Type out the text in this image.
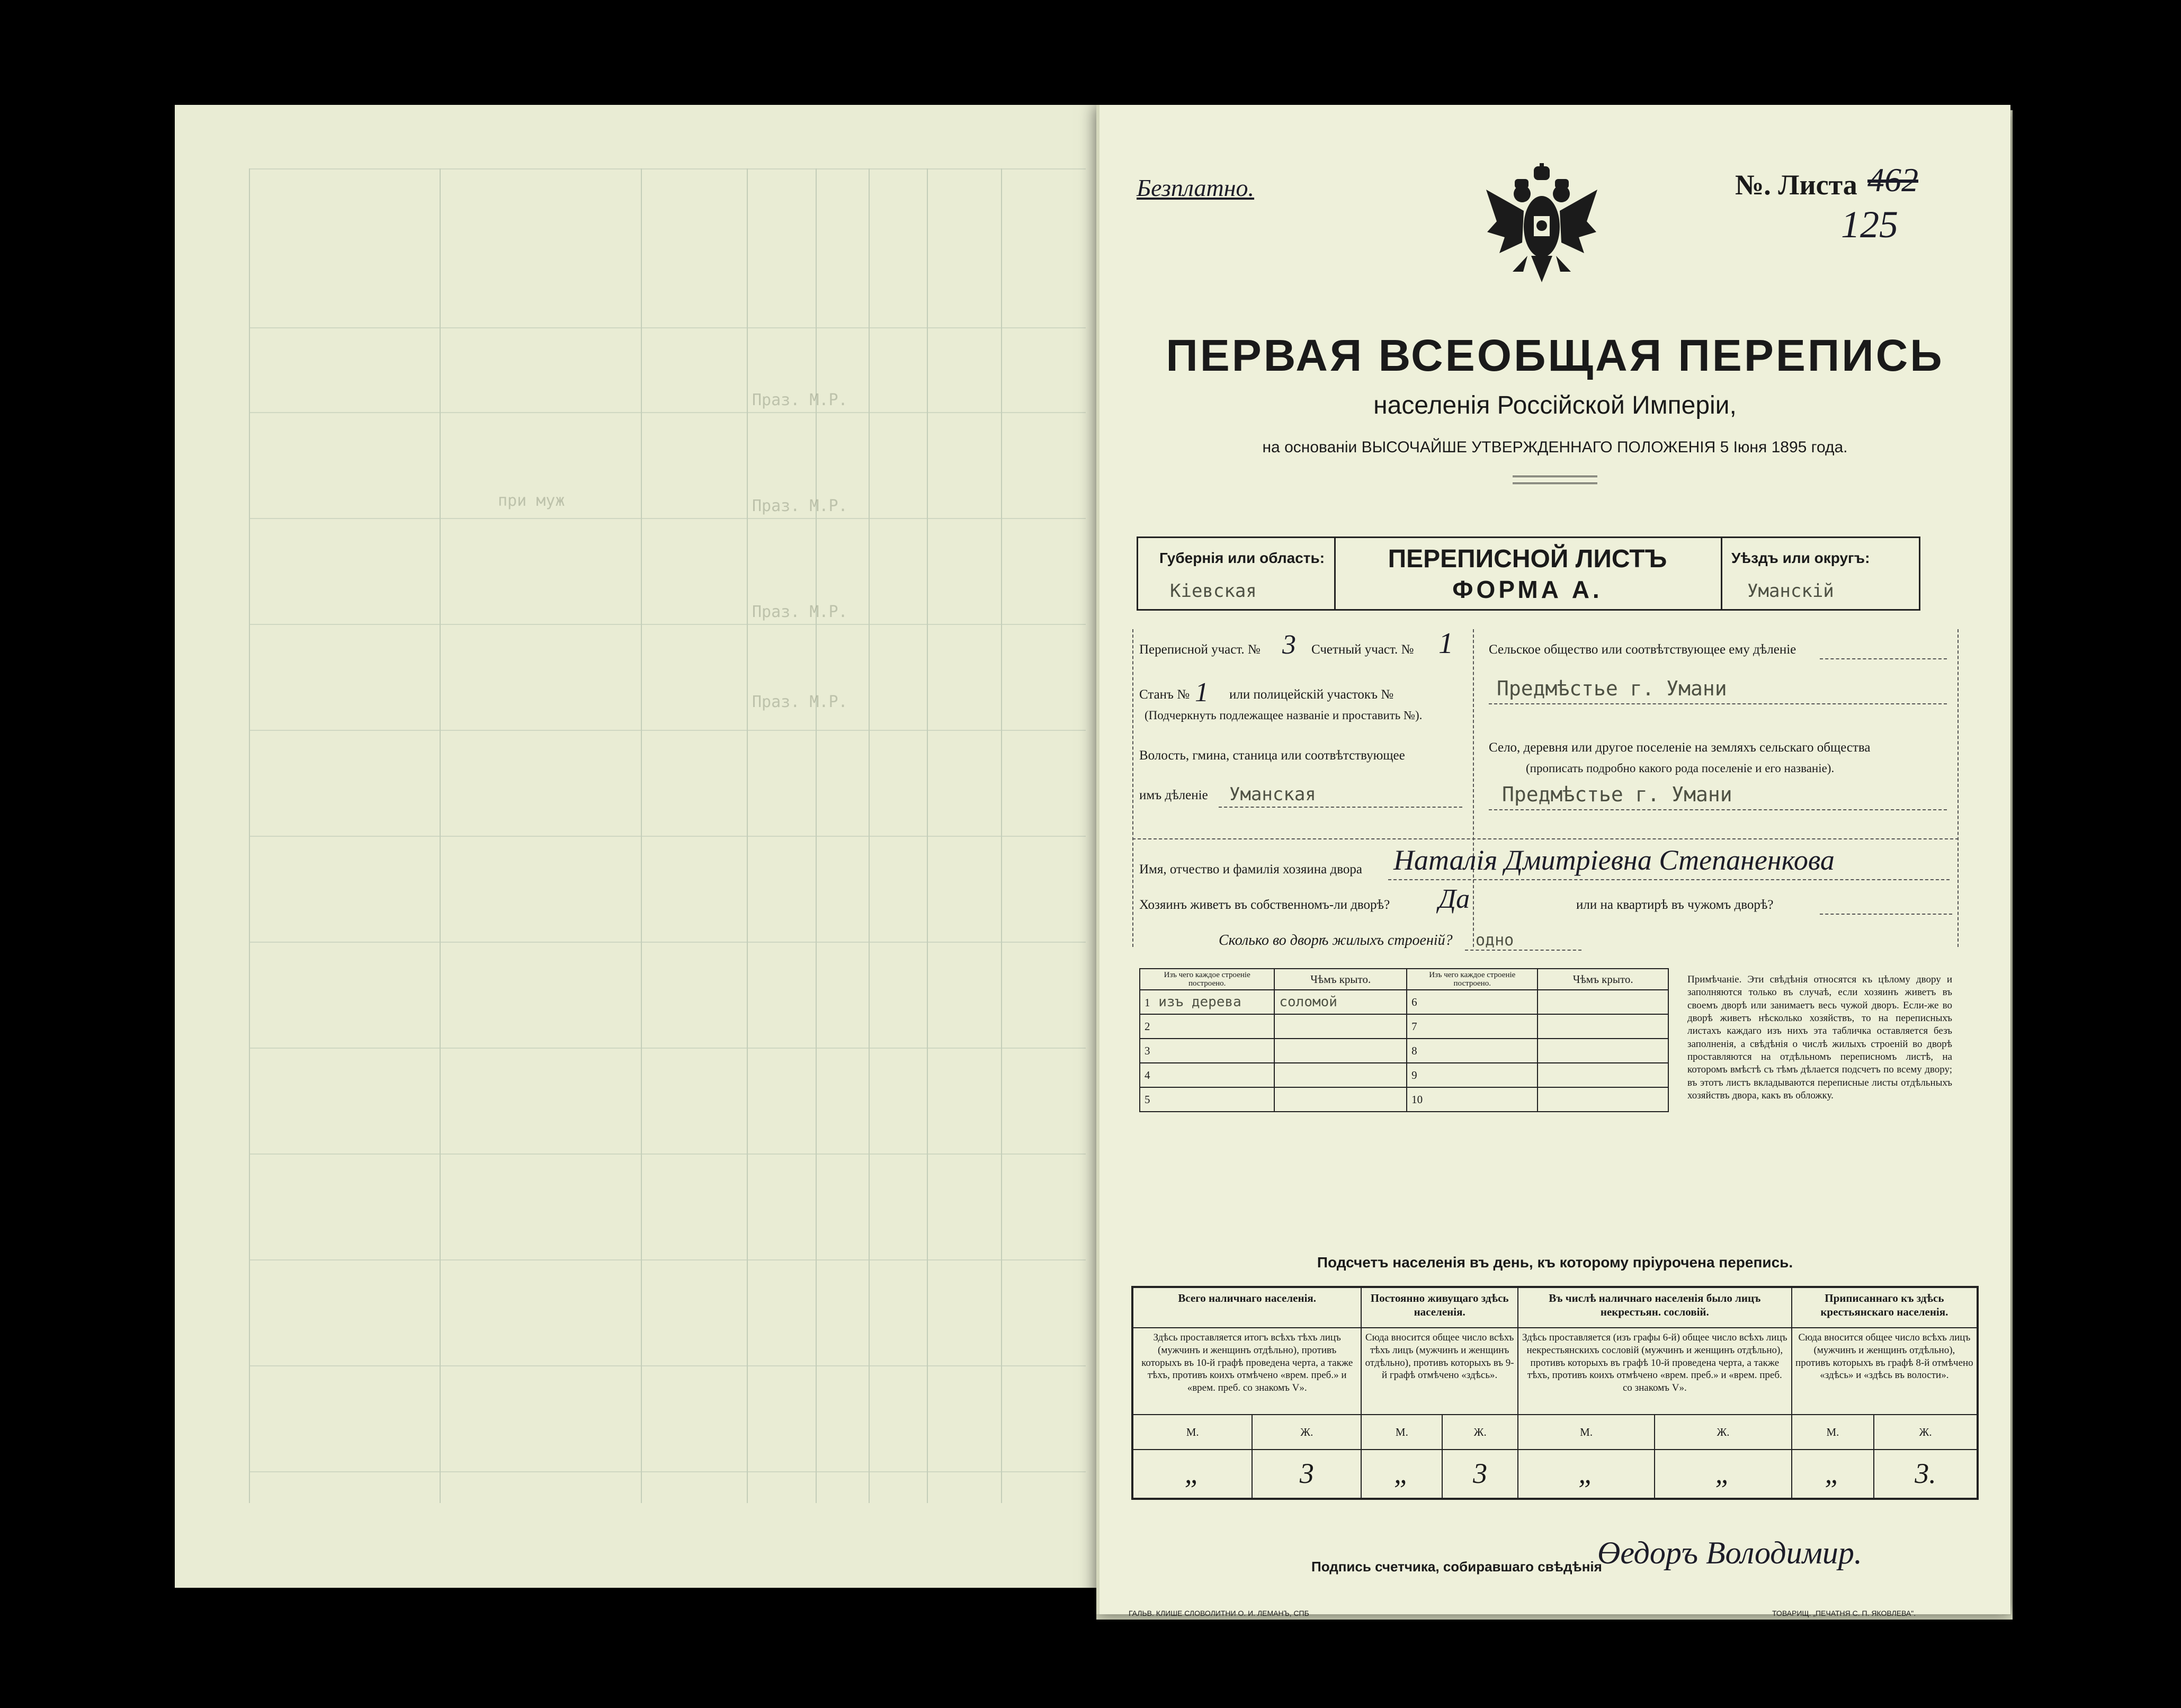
Праз. М.Р.
Праз. М.Р.
Праз. М.Р.
Праз. М.Р.
при муж
Безплатно.	№. Листа 462
125
ПЕРВАЯ ВСЕОБЩАЯ ПЕРЕПИСЬ
населенія Россійской Имперіи,
на основаніи ВЫСОЧАЙШЕ УТВЕРЖДЕННАГО ПОЛОЖЕНІЯ 5 Іюня 1895 года.
Губернія или область:
Кіевская
ПЕРЕПИСНОЙ ЛИСТЪ
ФОРМА А.
Уѣздъ или округъ:
Уманскій
Переписной участ. № 3 Счетный участ. № 1
Станъ № 1 или полицейскій участокъ №
(Подчеркнуть подлежащее названіе и проставить №).
Волость, гмина, станица или соотвѣтствующее
имъ дѣленіе Уманская
Сельское общество или соотвѣтствующее ему дѣленіе
Предмѣстье г. Умани
Село, деревня или другое поселеніе на земляхъ сельскаго общества
(прописать подробно какого рода поселеніе и его названіе).
Предмѣстье г. Умани
Имя, отчество и фамилія хозяина двора Наталія Дмитріевна Степаненкова
Хозяинъ живетъ въ собственномъ-ли дворѣ? Да	или на квартирѣ въ чужомъ дворѣ?
Сколько во дворѣ жилыхъ строеній? одно
Изъ чего каждое строеніе построено.	Чѣмъ крыто.	Изъ чего каждое строеніе построено.	Чѣмъ крыто.
1 изъ дерева	соломой	6	
2		7	
3		8	
4		9	
5		10	
Примѣчаніе. Эти свѣдѣнія относятся къ цѣлому двору и заполняются только въ случаѣ, если хозяинъ живетъ въ своемъ дворѣ или занимаетъ весь чужой дворъ. Если-же во дворѣ живетъ нѣсколько хозяйствъ, то на переписныхъ листахъ каждаго изъ нихъ эта табличка оставляется безъ заполненія, а свѣдѣнія о числѣ жилыхъ строеній во дворѣ проставляются на отдѣльномъ переписномъ листѣ, на которомъ вмѣстѣ съ тѣмъ дѣлается подсчетъ по всему двору; въ этотъ листъ вкладываются переписные листы отдѣльныхъ хозяйствъ двора, какъ въ обложку.
Подсчетъ населенія въ день, къ которому пріурочена перепись.
Всего наличнаго населенія.		Постоянно живущаго здѣсь населенія.		Въ числѣ наличнаго населенія было лицъ некрестьян. сословій.		Приписаннаго къ здѣсь крестьянскаго населенія.	
Здѣсь проставляется итогъ всѣхъ тѣхъ лицъ (мужчинъ и женщинъ отдѣльно), противъ которыхъ въ 10-й графѣ проведена черта, а также тѣхъ, противъ коихъ отмѣчено «врем. преб.» и «врем. преб. со знакомъ V».		Сюда вносится общее число всѣхъ тѣхъ лицъ (мужчинъ и женщинъ отдѣльно), противъ которыхъ въ 9-й графѣ отмѣчено «здѣсь».		Здѣсь проставляется (изъ графы 6-й) общее число всѣхъ лицъ некрестьянскихъ сословій (мужчинъ и женщинъ отдѣльно), противъ которыхъ въ графѣ 10-й проведена черта, а также тѣхъ, противъ коихъ отмѣчено «врем. преб.» и «врем. преб. со знакомъ V».		Сюда вносится общее число всѣхъ лицъ (мужчинъ и женщинъ отдѣльно), противъ которыхъ въ графѣ 8-й отмѣчено «здѣсь» и «здѣсь въ волости».	
М.	Ж.	М.	Ж.	М.	Ж.	М.	Ж.
„	3	„	3	„	„	„	3.
Подпись счетчика, собиравшаго свѣдѣнія
Өедоръ Володимир.
ГАЛЬВ. КЛИШЕ СЛОВОЛИТНИ О. И. ЛЕМАНЪ, СПБ	ТОВАРИЩ. „ПЕЧАТНЯ С. П. ЯКОВЛЕВА".
